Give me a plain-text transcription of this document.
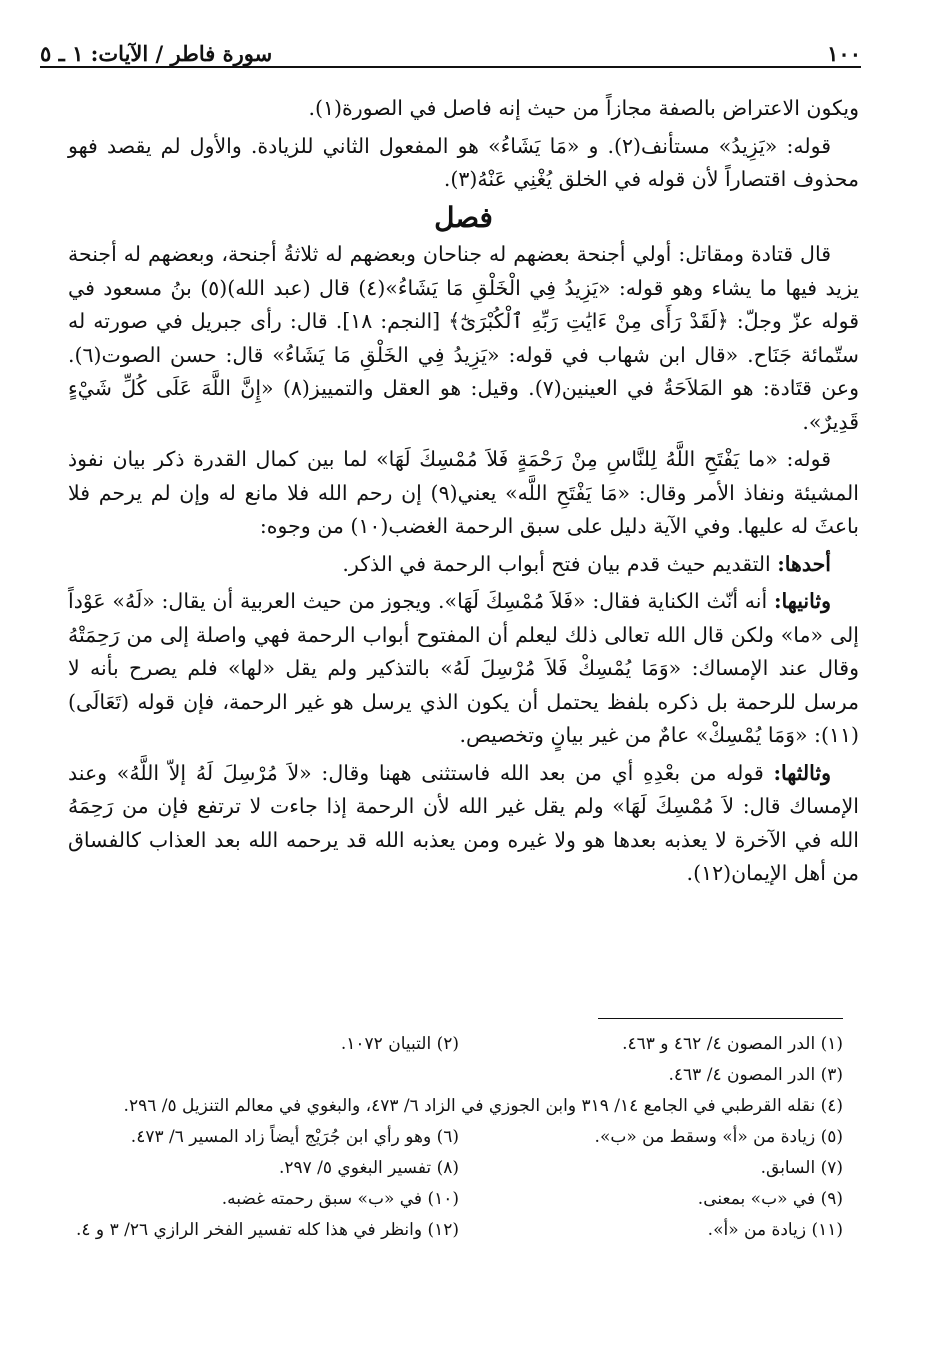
١٠٠
سورة فاطر / الآيات: ١ ـ ٥

ويكون الاعتراض بالصفة مجازاً من حيث إنه فاصل في الصورة(١).

قوله: «يَزِيدُ» مستأنف(٢). و «مَا يَشَاءُ» هو المفعول الثاني للزيادة. والأول لم يقصد فهو محذوف اقتصاراً لأن قوله في الخلق يُغْنِي عَنْهُ(٣).

فصل

قال قتادة ومقاتل: أولي أجنحة بعضهم له جناحان وبعضهم له ثلاثةُ أجنحة، وبعضهم له أجنحة يزيد فيها ما يشاء وهو قوله: «يَزِيدُ فِي الْخَلْقِ مَا يَشَاءُ»(٤) قال (عبد الله)(٥) بنُ مسعود في قوله عزّ وجلّ: ﴿لَقَدْ رَأَى مِنْ ءَايَٰتِ رَبِّهِ ٱلْكُبْرَىٰٓ﴾ [النجم: ١٨]. قال: رأى جبريل في صورته له ستّمائة جَنَاح. «قال ابن شهاب في قوله: «يَزِيدُ فِي الخَلْقِ مَا يَشَاءُ» قال: حسن الصوت(٦). وعن قتَادة: هو المَلاَحَةُ في العينين(٧). وقيل: هو العقل والتمييز(٨) «إِنَّ اللَّهَ عَلَى كُلِّ شَيْءٍ قَدِيرٌ».

قوله: «ما يَفْتَحِ اللَّهُ لِلنَّاسِ مِنْ رَحْمَةٍ فَلاَ مُمْسِكَ لَهَا» لما بين كمال القدرة ذكر بيان نفوذ المشيئة ونفاذ الأمر وقال: «مَا يَفْتَحِ اللَّه» يعني(٩) إن رحم الله فلا مانع له وإن لم يرحم فلا باعثَ له عليها. وفي الآية دليل على سبق الرحمة الغضب(١٠) من وجوه:

أحدها: التقديم حيث قدم بيان فتح أبواب الرحمة في الذكر.

وثانيها: أنه أنّث الكناية فقال: «فَلاَ مُمْسِكَ لَهَا». ويجوز من حيث العربية أن يقال: «لَهُ» عَوْداً إلى «ما» ولكن قال الله تعالى ذلك ليعلم أن المفتوح أبواب الرحمة فهي واصلة إلى من رَحِمَتْهُ وقال عند الإمساك: «وَمَا يُمْسِكْ فَلاَ مُرْسِلَ لَهُ» بالتذكير ولم يقل «لها» فلم يصرح بأنه لا مرسل للرحمة بل ذكره بلفظ يحتمل أن يكون الذي يرسل هو غير الرحمة، فإن قوله (تَعَالَى)(١١): «وَمَا يُمْسِكْ» عامٌ من غير بيانٍ وتخصيص.

وثالثها: قوله من بعْدِهِ أي من بعد الله فاستثنى ههنا وقال: «لاَ مُرْسِلَ لَهُ إلاّ اللَّهُ» وعند الإمساك قال: لاَ مُمْسِكَ لَهَا» ولم يقل غير الله لأن الرحمة إذا جاءت لا ترتفع فإن من رَحِمَهُ الله في الآخرة لا يعذبه بعدها هو ولا غيره ومن يعذبه الله قد يرحمه الله بعد العذاب كالفساق من أهل الإيمان(١٢).

(١) الدر المصون ٤/ ٤٦٢ و ٤٦٣.
(٢) التبيان ١٠٧٢.
(٣) الدر المصون ٤/ ٤٦٣.
(٤) نقله القرطبي في الجامع ١٤/ ٣١٩ وابن الجوزي في الزاد ٦/ ٤٧٣، والبغوي في معالم التنزيل ٥/ ٢٩٦.
(٥) زيادة من «أ» وسقط من «ب».
(٦) وهو رأي ابن جُرَيْج أيضاً زاد المسير ٦/ ٤٧٣.
(٧) السابق.
(٨) تفسير البغوي ٥/ ٢٩٧.
(٩) في «ب» بمعنى.
(١٠) في «ب» سبق رحمته غضبه.
(١١) زيادة من «أ».
(١٢) وانظر في هذا كله تفسير الفخر الرازي ٢٦/ ٣ و ٤.
